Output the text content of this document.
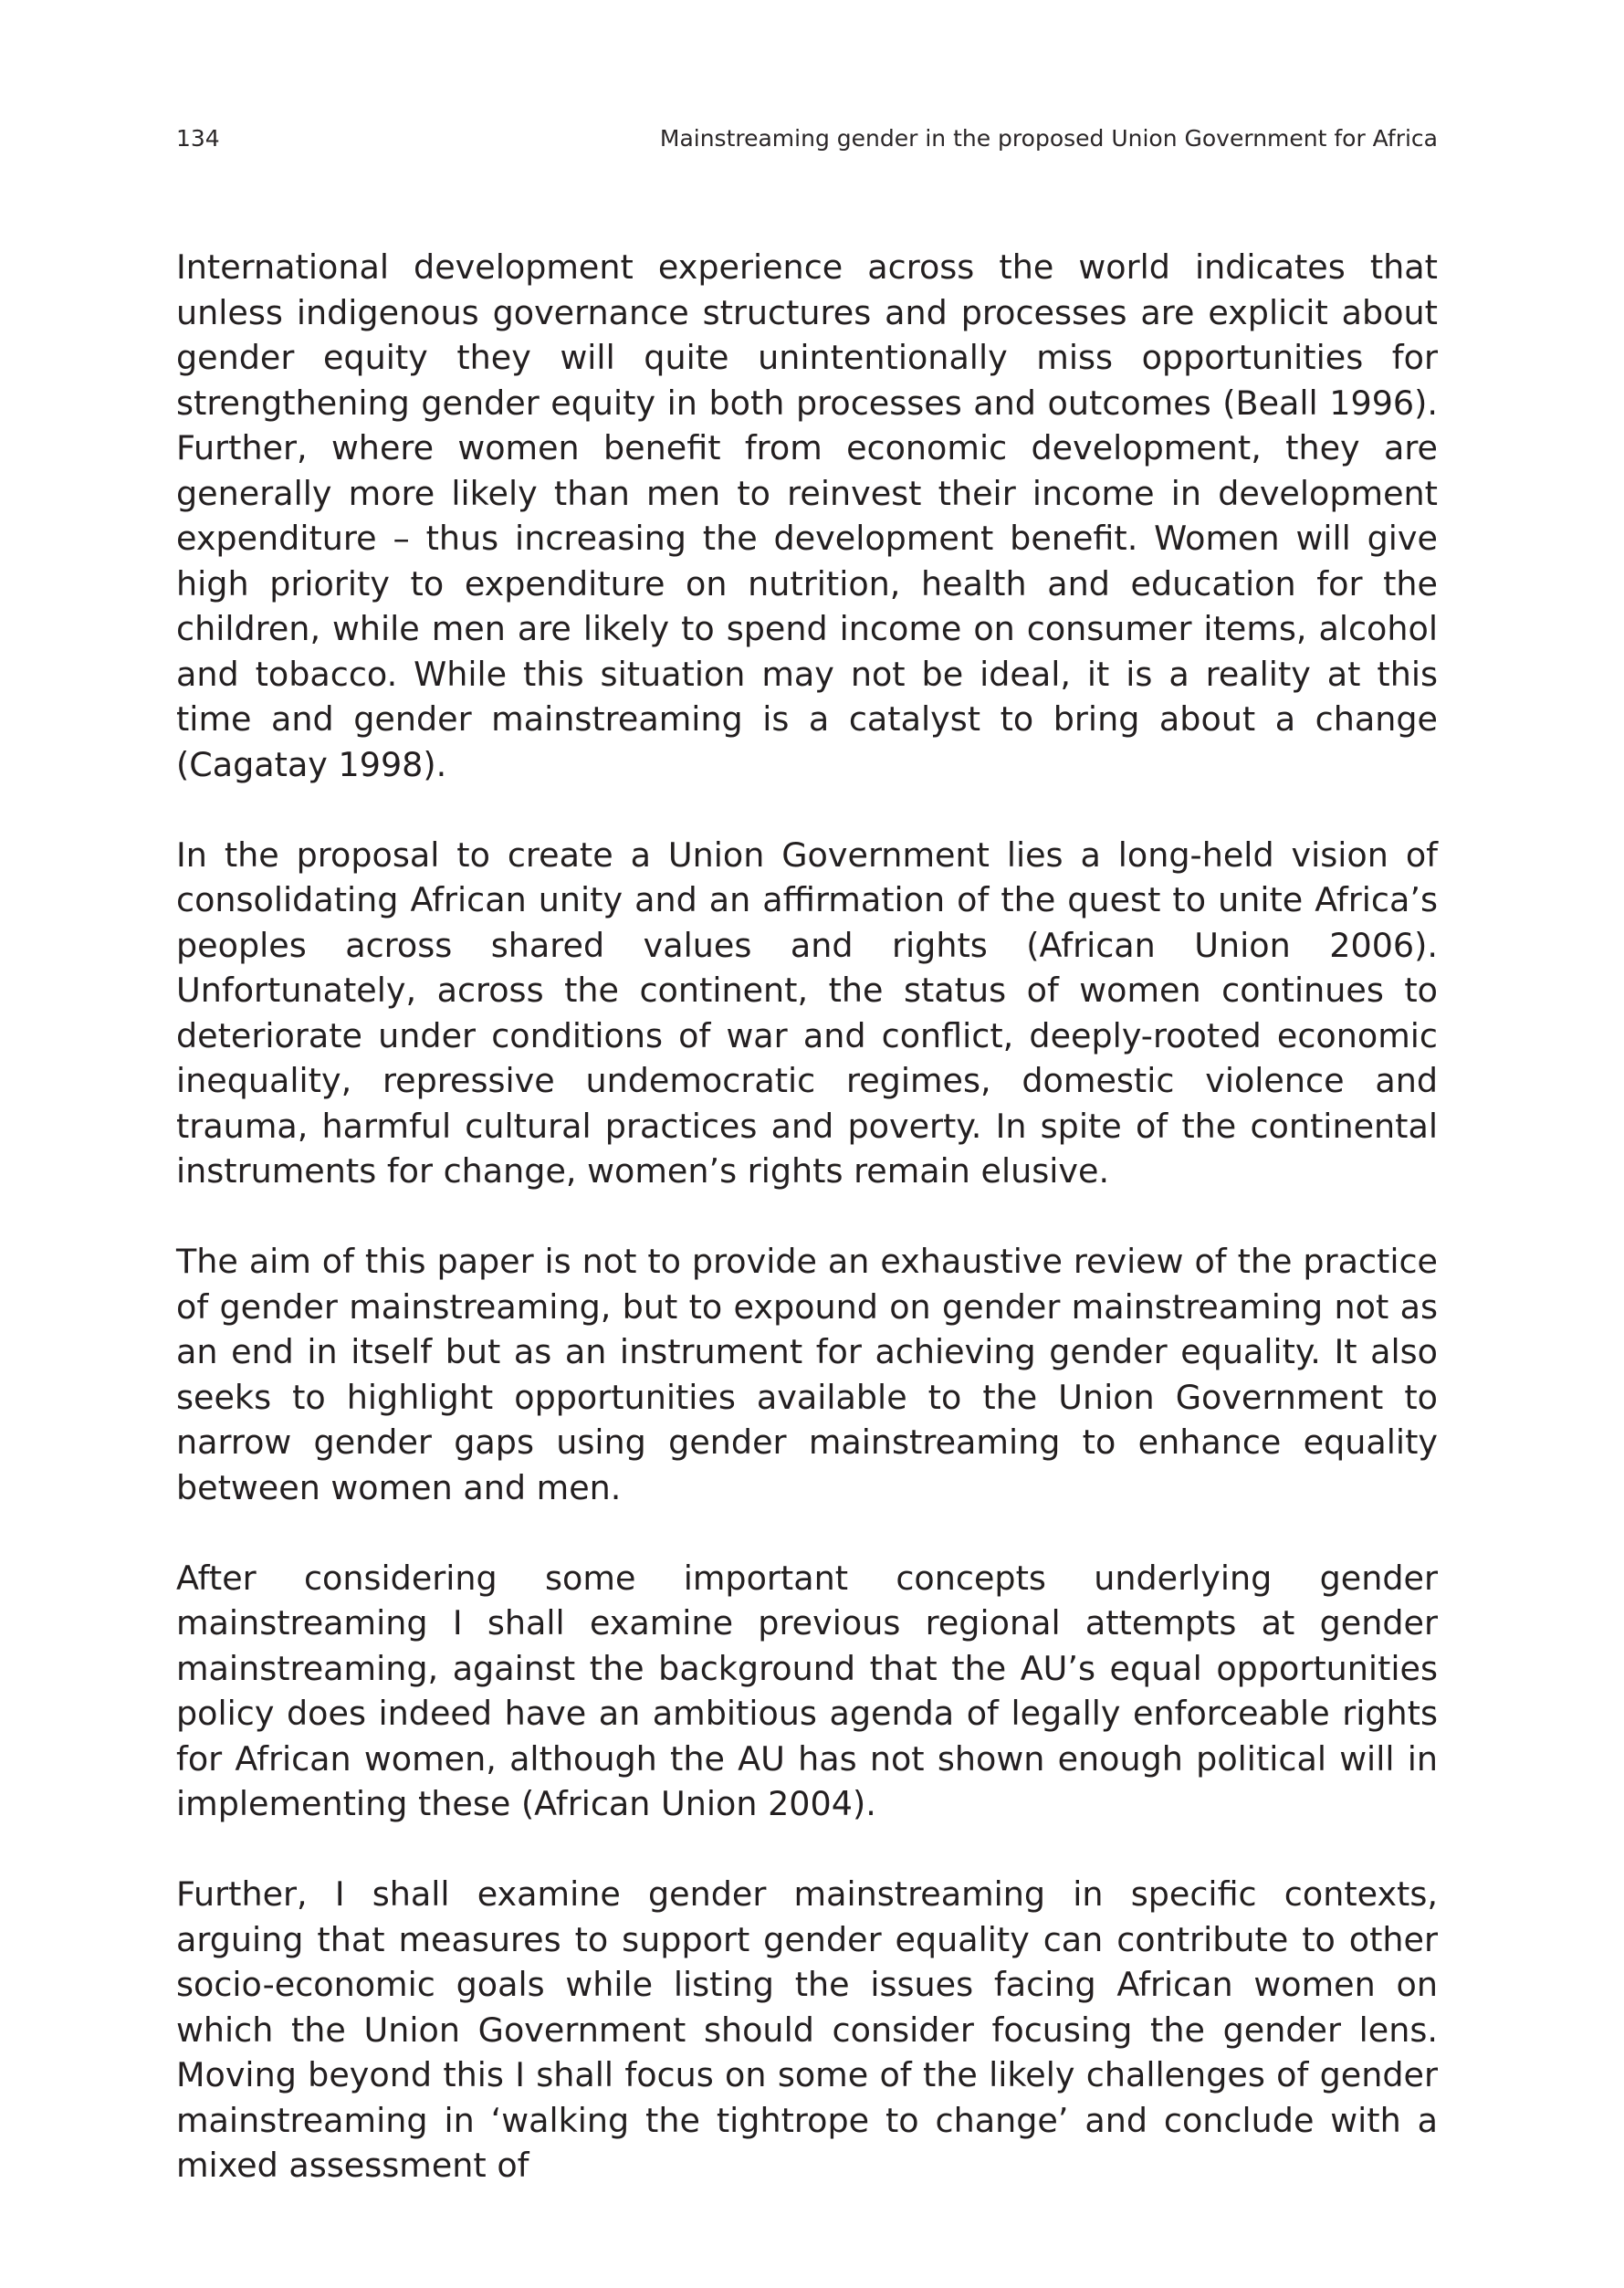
134	Mainstreaming gender in the proposed Union Government for Africa

International development experience across the world indicates that unless indigenous governance structures and processes are explicit about gender equity they will quite unintentionally miss opportunities for strengthening gender equity in both processes and outcomes (Beall 1996). Further, where women benefit from economic development, they are generally more likely than men to reinvest their income in development expenditure – thus increasing the development benefit. Women will give high priority to expenditure on nutrition, health and education for the children, while men are likely to spend income on consumer items, alcohol and tobacco. While this situation may not be ideal, it is a reality at this time and gender mainstreaming is a catalyst to bring about a change (Cagatay 1998).

In the proposal to create a Union Government lies a long-held vision of consolidating African unity and an affirmation of the quest to unite Africa’s peoples across shared values and rights (African Union 2006). Unfortunately, across the continent, the status of women continues to deteriorate under conditions of war and conflict, deeply-rooted economic inequality, repressive undemocratic regimes, domestic violence and trauma, harmful cultural practices and poverty. In spite of the continental instruments for change, women’s rights remain elusive.

The aim of this paper is not to provide an exhaustive review of the practice of gender mainstreaming, but to expound on gender mainstreaming not as an end in itself but as an instrument for achieving gender equality. It also seeks to highlight opportunities available to the Union Government to narrow gender gaps using gender mainstreaming to enhance equality between women and men.

After considering some important concepts underlying gender mainstreaming I shall examine previous regional attempts at gender mainstreaming, against the background that the AU’s equal opportunities policy does indeed have an ambitious agenda of legally enforceable rights for African women, although the AU has not shown enough political will in implementing these (African Union 2004).

Further, I shall examine gender mainstreaming in specific contexts, arguing that measures to support gender equality can contribute to other socio-economic goals while listing the issues facing African women on which the Union Government should consider focusing the gender lens. Moving beyond this I shall focus on some of the likely challenges of gender mainstreaming in ‘walking the tightrope to change’ and conclude with a mixed assessment of
